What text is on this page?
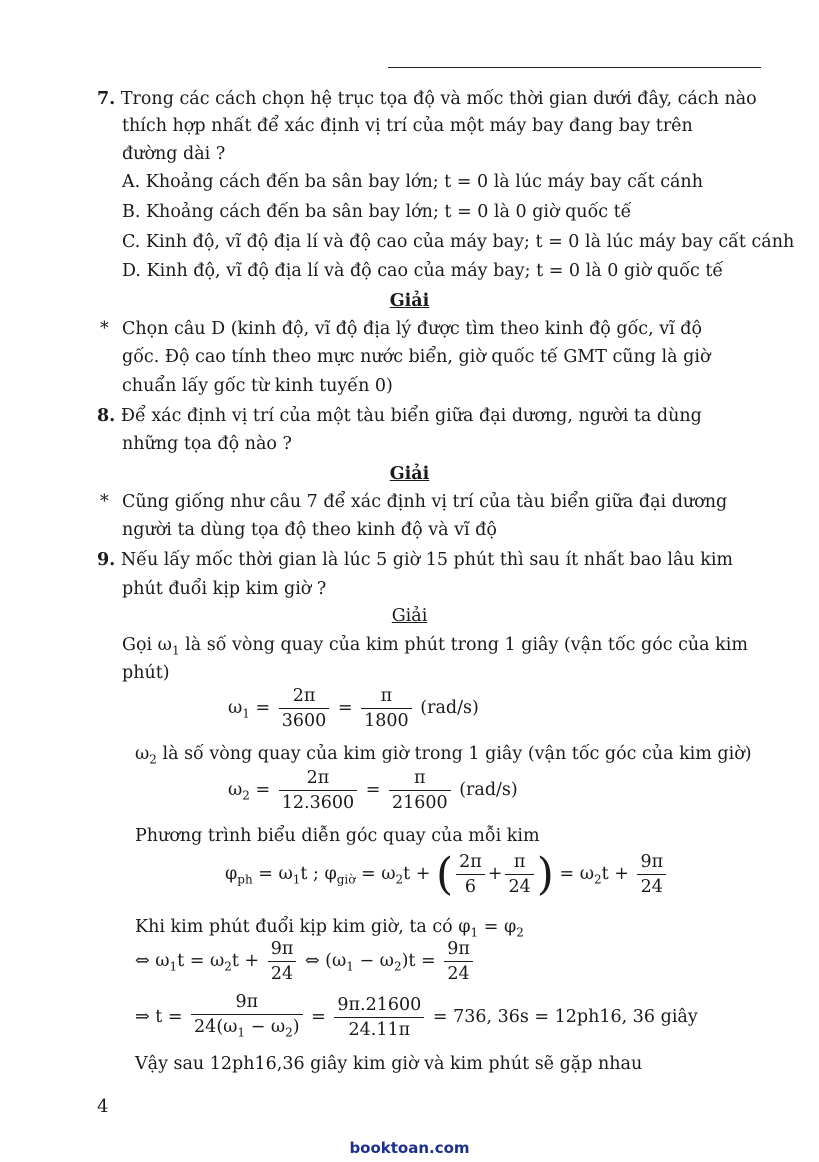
7. Trong các cách chọn hệ trục tọa độ và mốc thời gian dưới đây, cách nào
thích hợp nhất để xác định vị trí của một máy bay đang bay trên
đường dài ?
A. Khoảng cách đến ba sân bay lớn; t = 0 là lúc máy bay cất cánh
B. Khoảng cách đến ba sân bay lớn; t = 0 là 0 giờ quốc tế
C. Kinh độ, vĩ độ địa lí và độ cao của máy bay; t = 0 là lúc máy bay cất cánh
D. Kinh độ, vĩ độ địa lí và độ cao của máy bay; t = 0 là 0 giờ quốc tế
Giải
* Chọn câu D (kinh độ, vĩ độ địa lý được tìm theo kinh độ gốc, vĩ độ
gốc. Độ cao tính theo mực nước biển, giờ quốc tế GMT cũng là giờ
chuẩn lấy gốc từ kinh tuyến 0)
8. Để xác định vị trí của một tàu biển giữa đại dương, người ta dùng
những tọa độ nào ?
Giải
* Cũng giống như câu 7 để xác định vị trí của tàu biển giữa đại dương
người ta dùng tọa độ theo kinh độ và vĩ độ
9. Nếu lấy mốc thời gian là lúc 5 giờ 15 phút thì sau ít nhất bao lâu kim
phút đuổi kịp kim giờ ?
Giải
Gọi $\omega_1$ là số vòng quay của kim phút trong 1 giây (vận tốc góc của kim
phút)
$\omega_1 = \frac{2\pi}{3600} = \frac{\pi}{1800} (rad/s)$
$\omega_2$ là số vòng quay của kim giờ trong 1 giây (vận tốc góc của kim giờ)
$\omega_2 = \frac{2\pi}{12.3600} = \frac{\pi}{21600} (rad/s)$
Phương trình biểu diễn góc quay của mỗi kim
$\varphi_{ph} = \omega_1t$ ; $\varphi_{giờ} = \omega_2t$ + ( $\frac{2\pi}{6} + \frac{\pi}{24}$ ) = $\omega_2t + \frac{9\pi}{24}$
Khi kim phút đuổi kịp kim giờ, ta có $\varphi_1 = \varphi_2$
⇔ $\omega_1t = \omega_2t + \frac{9\pi}{24}$ ⇔ $(\omega_1 - \omega_2)t = \frac{9\pi}{24}$
⇒ $t = \frac{9\pi}{24(\omega_1 - \omega_2)} = \frac{9\pi.21600}{24.11\pi} = 736$, 36s = 12ph16, 36 giây
Vậy sau 12ph16,36 giây kim giờ và kim phút sẽ gặp nhau
4
booktoan.com
